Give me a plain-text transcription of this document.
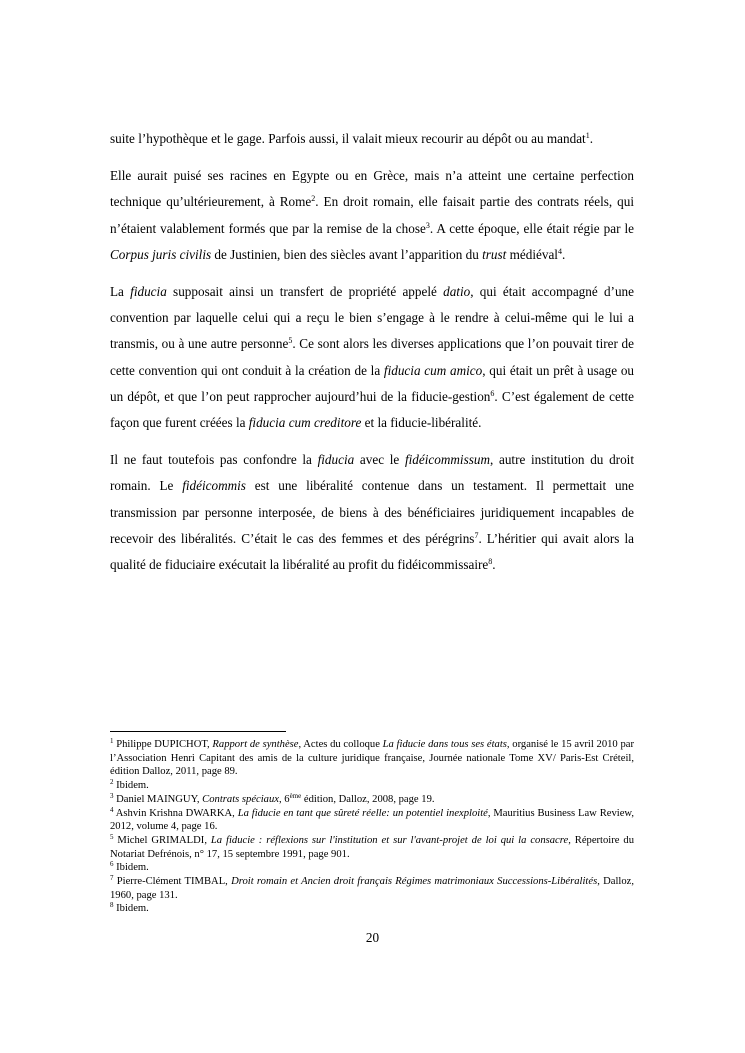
suite l’hypothèque et le gage. Parfois aussi, il valait mieux recourir au dépôt ou au mandat$^1$.

Elle aurait puisé ses racines en Egypte ou en Grèce, mais n’a atteint une certaine perfection technique qu’ultérieurement, à Rome$^2$. En droit romain, elle faisait partie des contrats réels, qui n’étaient valablement formés que par la remise de la chose$^3$. A cette époque, elle était régie par le Corpus juris civilis de Justinien, bien des siècles avant l’apparition du trust médiéval$^4$.

La fiducia supposait ainsi un transfert de propriété appelé datio, qui était accompagné d’une convention par laquelle celui qui a reçu le bien s’engage à le rendre à celui-même qui le lui a transmis, ou à une autre personne$^5$. Ce sont alors les diverses applications que l’on pouvait tirer de cette convention qui ont conduit à la création de la fiducia cum amico, qui était un prêt à usage ou un dépôt, et que l’on peut rapprocher aujourd’hui de la fiducie-gestion$^6$. C’est également de cette façon que furent créées la fiducia cum creditore et la fiducie-libéralité.

Il ne faut toutefois pas confondre la fiducia avec le fidéicommissum, autre institution du droit romain. Le fidéicommis est une libéralité contenue dans un testament. Il permettait une transmission par personne interposée, de biens à des bénéficiaires juridiquement incapables de recevoir des libéralités. C’était le cas des femmes et des pérégrins$^7$. L’héritier qui avait alors la qualité de fiduciaire exécutait la libéralité au profit du fidéicommissaire$^8$.

$^1$ Philippe DUPICHOT, Rapport de synthèse, Actes du colloque La fiducie dans tous ses états, organisé le 15 avril 2010 par l’Association Henri Capitant des amis de la culture juridique française, Journée nationale Tome XV/ Paris-Est Créteil, édition Dalloz, 2011, page 89.

$^2$ Ibidem.

$^3$ Daniel MAINGUY, Contrats spéciaux, 6ème édition, Dalloz, 2008, page 19.

$^4$ Ashvin Krishna DWARKA, La fiducie en tant que sûreté réelle: un potentiel inexploité, Mauritius Business Law Review, 2012, volume 4, page 16.

$^5$ Michel GRIMALDI, La fiducie : réflexions sur l'institution et sur l'avant-projet de loi qui la consacre, Répertoire du Notariat Defrénois, n° 17, 15 septembre 1991, page 901.

$^6$ Ibidem.

$^7$ Pierre-Clément TIMBAL, Droit romain et Ancien droit français Régimes matrimoniaux Successions-Libéralités, Dalloz, 1960, page 131.

$^8$ Ibidem.

20
